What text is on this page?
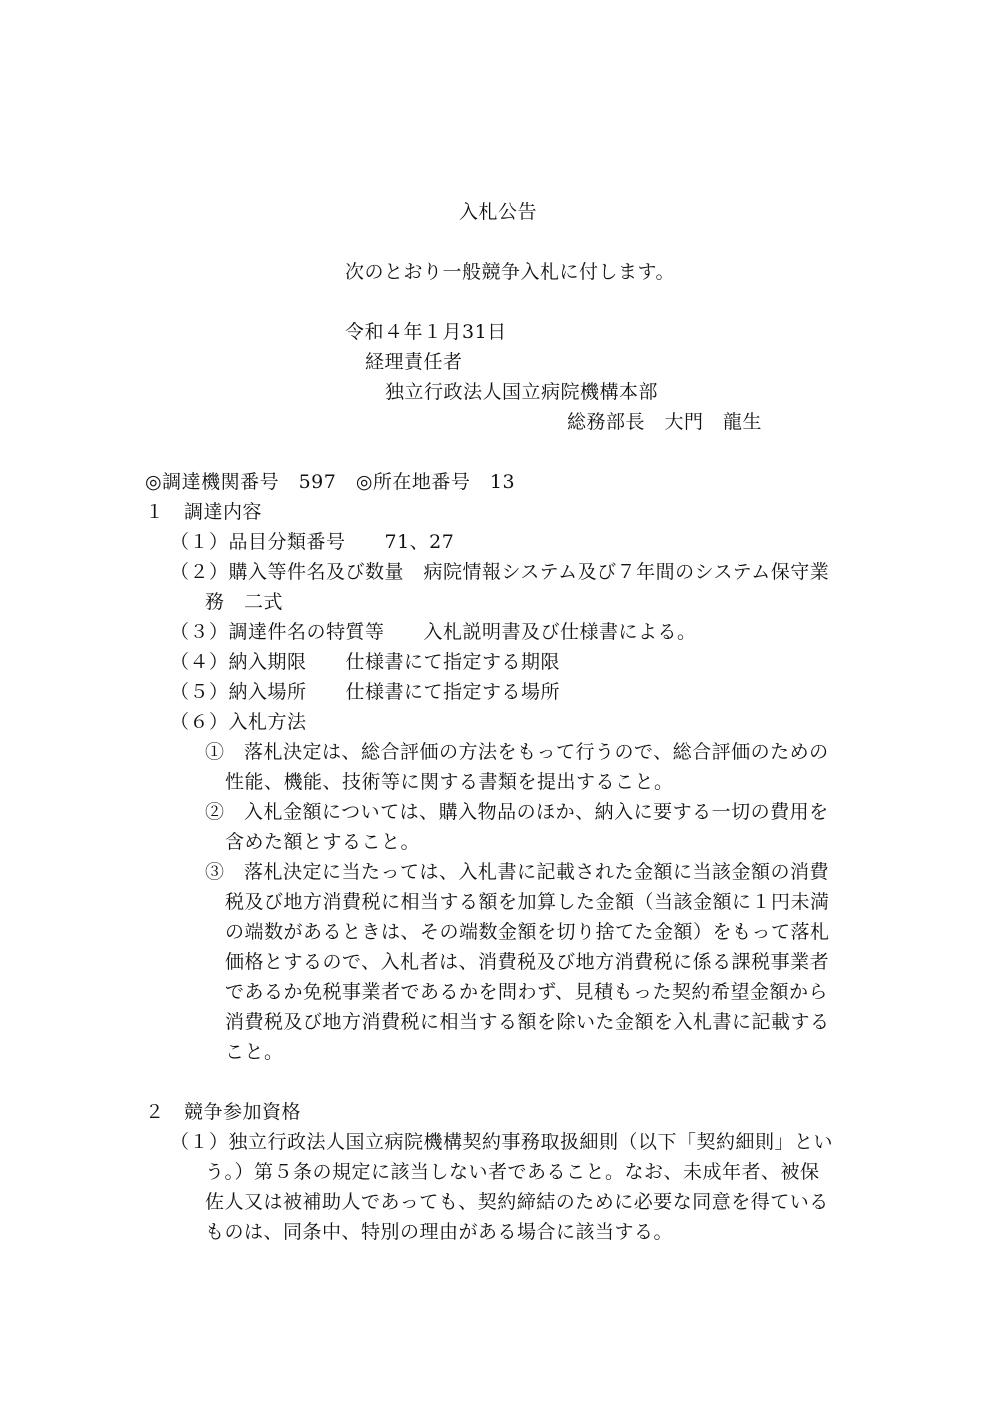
入札公告
次のとおり一般競争入札に付します。
令和４年１月31日
経理責任者
独立行政法人国立病院機構本部
総務部長　大門　龍生
◎調達機関番号　597　◎所在地番号　13
１　調達内容
（１）品目分類番号　　71、27
（２）購入等件名及び数量　病院情報システム及び７年間のシステム保守業
務　二式
（３）調達件名の特質等　　入札説明書及び仕様書による。
（４）納入期限　　仕様書にて指定する期限
（５）納入場所　　仕様書にて指定する場所
（６）入札方法
①　落札決定は、総合評価の方法をもって行うので、総合評価のための
性能、機能、技術等に関する書類を提出すること。
②　入札金額については、購入物品のほか、納入に要する一切の費用を
含めた額とすること。
③　落札決定に当たっては、入札書に記載された金額に当該金額の消費
税及び地方消費税に相当する額を加算した金額（当該金額に１円未満
の端数があるときは、その端数金額を切り捨てた金額）をもって落札
価格とするので、入札者は、消費税及び地方消費税に係る課税事業者
であるか免税事業者であるかを問わず、見積もった契約希望金額から
消費税及び地方消費税に相当する額を除いた金額を入札書に記載する
こと。
２　競争参加資格
（１）独立行政法人国立病院機構契約事務取扱細則（以下「契約細則」とい
う。）第５条の規定に該当しない者であること。なお、未成年者、被保
佐人又は被補助人であっても、契約締結のために必要な同意を得ている
ものは、同条中、特別の理由がある場合に該当する。
